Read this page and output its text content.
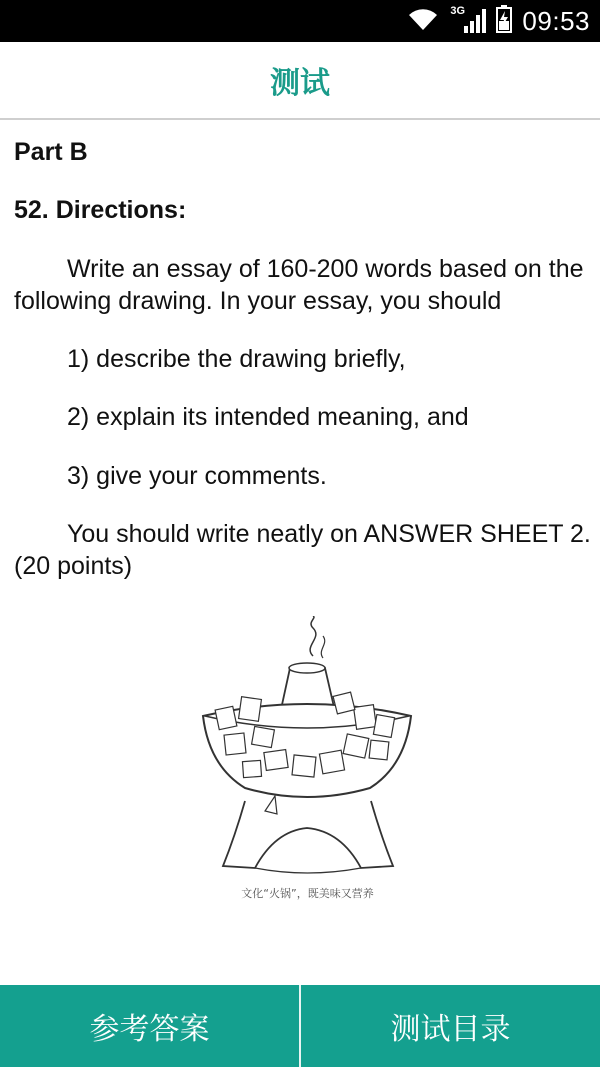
3G 09:53
测试

Part B

52. Directions:

Write an essay of 160-200 words based on the following drawing. In your essay, you should

1) describe the drawing briefly,

2) explain its intended meaning, and

3) give your comments.

You should write neatly on ANSWER SHEET 2. (20 points)

文化“火锅”，既美味又营养
参考答案	测试目录
